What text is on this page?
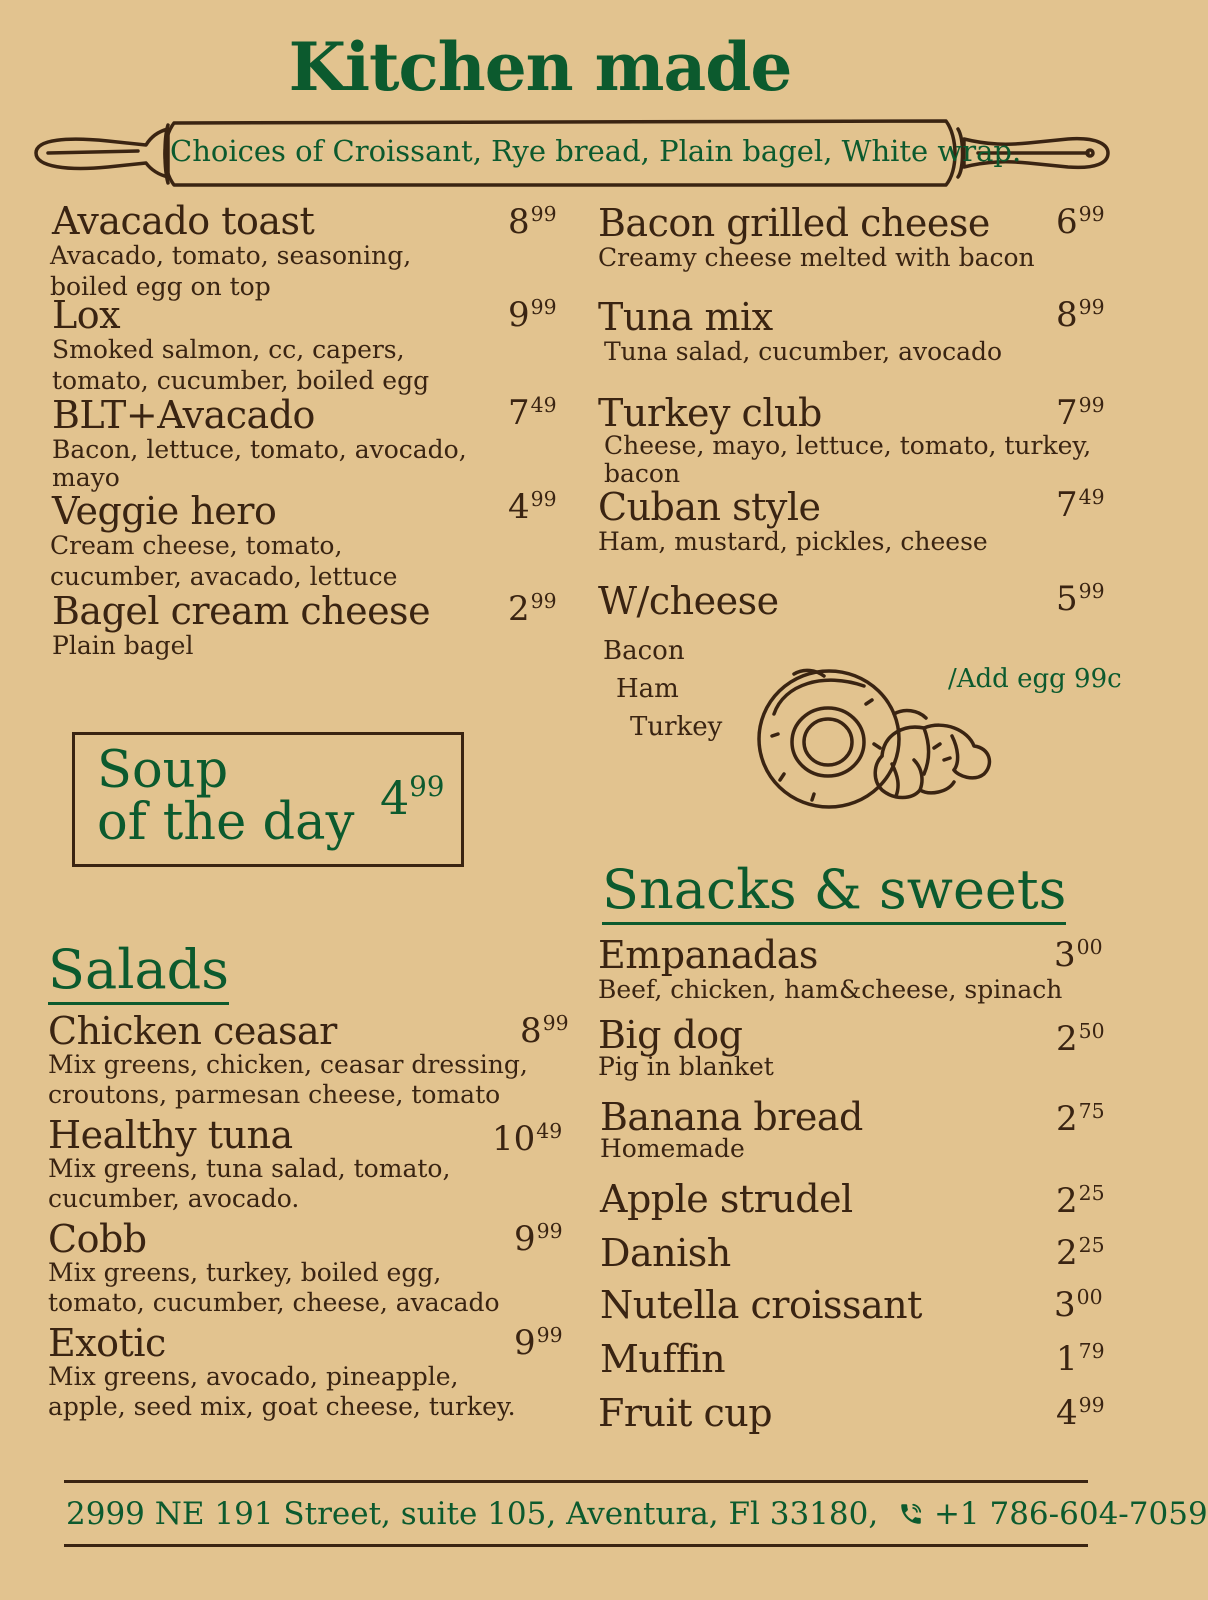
Kitchen made
Choices of Croissant, Rye bread, Plain bagel, White wrap.
Avacado toast
Avacado, tomato, seasoning,
boiled egg on top
$8^{99}$
Lox
Smoked salmon, cc, capers,
tomato, cucumber, boiled egg
$9^{99}$
BLT+Avacado
Bacon, lettuce, tomato, avocado,
mayo
$7^{49}$
Veggie hero
Cream cheese, tomato,
cucumber, avacado, lettuce
$4^{99}$
Bagel cream cheese
Plain bagel
$2^{99}$
Bacon grilled cheese
Creamy cheese melted with bacon
$6^{99}$
Tuna mix
Tuna salad, cucumber, avocado
$8^{99}$
Turkey club
Cheese, mayo, lettuce, tomato, turkey,
bacon
$7^{99}$
Cuban style
Ham, mustard, pickles, cheese
$7^{49}$
W/cheese	$5^{99}$
Bacon
Ham
Turkey
/Add egg 99c
Soup
of the day $4^{99}$
Salads
Chicken ceasar
Mix greens, chicken, ceasar dressing,
croutons, parmesan cheese, tomato
$8^{99}$
Healthy tuna
Mix greens, tuna salad, tomato,
cucumber, avocado.
$10^{49}$
Cobb
Mix greens, turkey, boiled egg,
tomato, cucumber, cheese, avacado
$9^{99}$
Exotic
Mix greens, avocado, pineapple,
apple, seed mix, goat cheese, turkey.
$9^{99}$
Snacks & sweets
Empanadas
Beef, chicken, ham&cheese, spinach
$3^{00}$
Big dog
Pig in blanket
$2^{50}$
Banana bread
Homemade
$2^{75}$
Apple strudel	$2^{25}$
Danish	$2^{25}$
Nutella croissant	$3^{00}$
Muffin	$1^{79}$
Fruit cup	$4^{99}$
2999 NE 191 Street, suite 105, Aventura, Fl 33180, +1 786-604-7059
